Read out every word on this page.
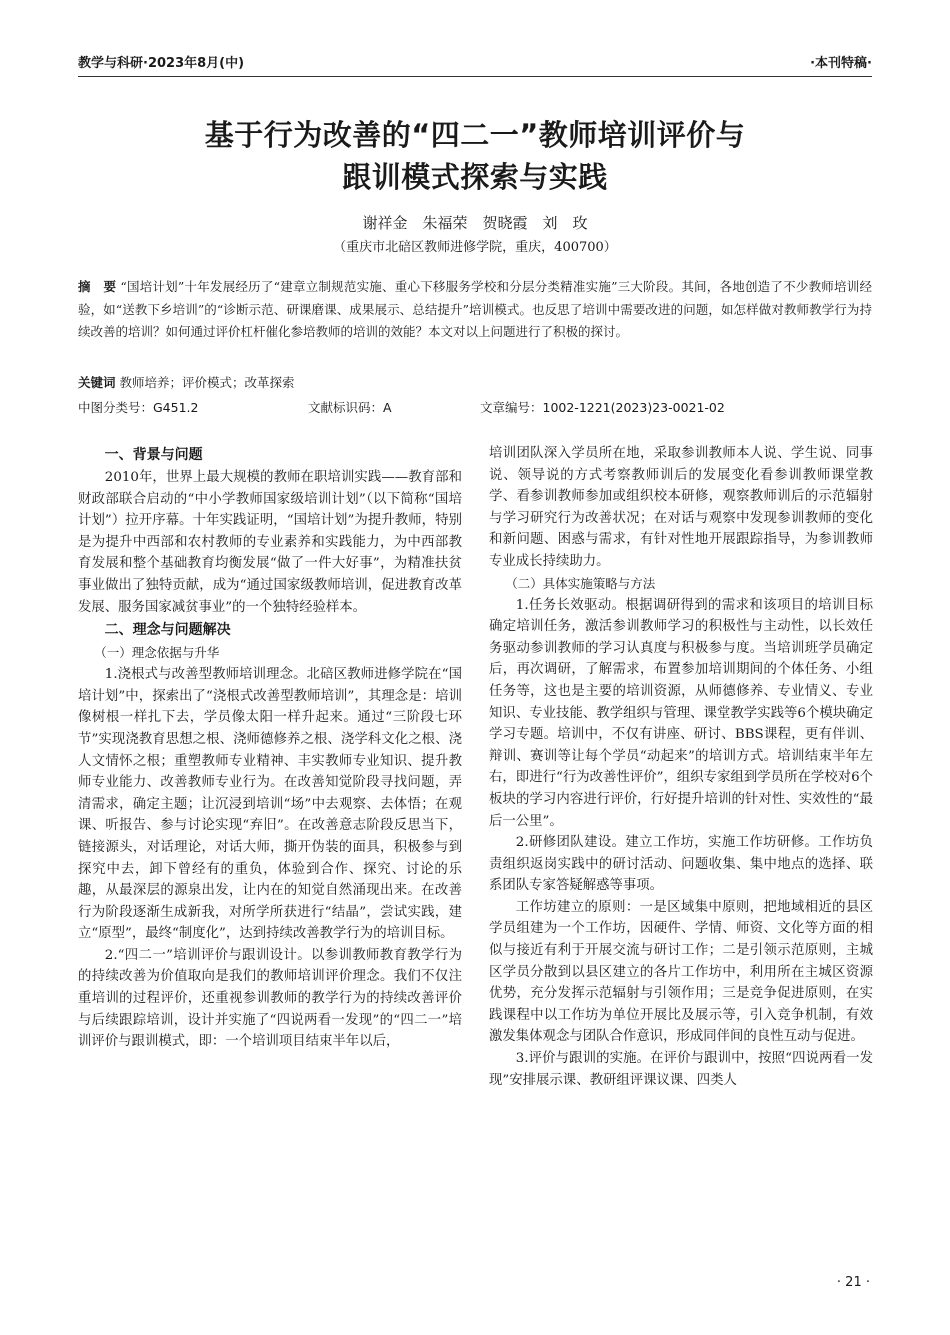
教学与科研·2023年8月(中)	·本刊特稿·
基于行为改善的“四二一”教师培训评价与
跟训模式探索与实践
谢祥金　朱福荣　贺晓霞　刘　玫
（重庆市北碚区教师进修学院，重庆，400700）
摘　要 “国培计划”十年发展经历了“建章立制规范实施、重心下移服务学校和分层分类精准实施”三大阶段。其间，各地创造了不少教师培训经验，如“送教下乡培训”的“诊断示范、研课磨课、成果展示、总结提升”培训模式。也反思了培训中需要改进的问题，如怎样做对教师教学行为持续改善的培训？如何通过评价杠杆催化参培教师的培训的效能？本文对以上问题进行了积极的探讨。
关键词 教师培养；评价模式；改革探索
中图分类号：G451.2	文献标识码：A	文章编号：1002-1221(2023)23-0021-02
一、背景与问题

2010年，世界上最大规模的教师在职培训实践——教育部和财政部联合启动的“中小学教师国家级培训计划”（以下简称“国培计划”）拉开序幕。十年实践证明，“国培计划”为提升教师，特别是为提升中西部和农村教师的专业素养和实践能力，为中西部教育发展和整个基础教育均衡发展“做了一件大好事”，为精准扶贫事业做出了独特贡献，成为“通过国家级教师培训，促进教育改革发展、服务国家减贫事业”的一个独特经验样本。

二、理念与问题解决
（一）理念依据与升华

1.浇根式与改善型教师培训理念。北碚区教师进修学院在“国培计划”中，探索出了“浇根式改善型教师培训”，其理念是：培训像树根一样扎下去，学员像太阳一样升起来。通过“三阶段七环节”实现浇教育思想之根、浇师德修养之根、浇学科文化之根、浇人文情怀之根；重塑教师专业精神、丰实教师专业知识、提升教师专业能力、改善教师专业行为。在改善知觉阶段寻找问题，弄清需求，确定主题；让沉浸到培训“场”中去观察、去体悟；在观课、听报告、参与讨论实现“弃旧”。在改善意志阶段反思当下，链接源头，对话理论，对话大师，撕开伪装的面具，积极参与到探究中去，卸下曾经有的重负，体验到合作、探究、讨论的乐趣，从最深层的源泉出发，让内在的知觉自然涌现出来。在改善行为阶段逐渐生成新我，对所学所获进行“结晶”，尝试实践，建立“原型”，最终“制度化”，达到持续改善教学行为的培训目标。

2.“四二一”培训评价与跟训设计。以参训教师教育教学行为的持续改善为价值取向是我们的教师培训评价理念。我们不仅注重培训的过程评价，还重视参训教师的教学行为的持续改善评价与后续跟踪培训，设计并实施了“四说两看一发现”的“四二一”培训评价与跟训模式，即：一个培训项目结束半年以后，

培训团队深入学员所在地，采取参训教师本人说、学生说、同事说、领导说的方式考察教师训后的发展变化看参训教师课堂教学、看参训教师参加或组织校本研修，观察教师训后的示范辐射与学习研究行为改善状况；在对话与观察中发现参训教师的变化和新问题、困惑与需求，有针对性地开展跟踪指导，为参训教师专业成长持续助力。

（二）具体实施策略与方法

1.任务长效驱动。根据调研得到的需求和该项目的培训目标确定培训任务，激活参训教师学习的积极性与主动性，以长效任务驱动参训教师的学习认真度与积极参与度。当培训班学员确定后，再次调研，了解需求，布置参加培训期间的个体任务、小组任务等，这也是主要的培训资源，从师德修养、专业情义、专业知识、专业技能、教学组织与管理、课堂教学实践等6个模块确定学习专题。培训中，不仅有讲座、研讨、BBS课程，更有伴训、辩训、赛训等让每个学员“动起来”的培训方式。培训结束半年左右，即进行“行为改善性评价”，组织专家组到学员所在学校对6个板块的学习内容进行评价，行好提升培训的针对性、实效性的“最后一公里”。

2.研修团队建设。建立工作坊，实施工作坊研修。工作坊负责组织返岗实践中的研讨活动、问题收集、集中地点的选择、联系团队专家答疑解惑等事项。

工作坊建立的原则：一是区域集中原则，把地域相近的县区学员组建为一个工作坊，因硬件、学情、师资、文化等方面的相似与接近有利于开展交流与研讨工作；二是引领示范原则，主城区学员分散到以县区建立的各片工作坊中，利用所在主城区资源优势，充分发挥示范辐射与引领作用；三是竞争促进原则，在实践课程中以工作坊为单位开展比及展示等，引入竞争机制，有效激发集体观念与团队合作意识，形成同伴间的良性互动与促进。

3.评价与跟训的实施。在评价与跟训中，按照“四说两看一发现”安排展示课、教研组评课议课、四类人

· 21 ·
